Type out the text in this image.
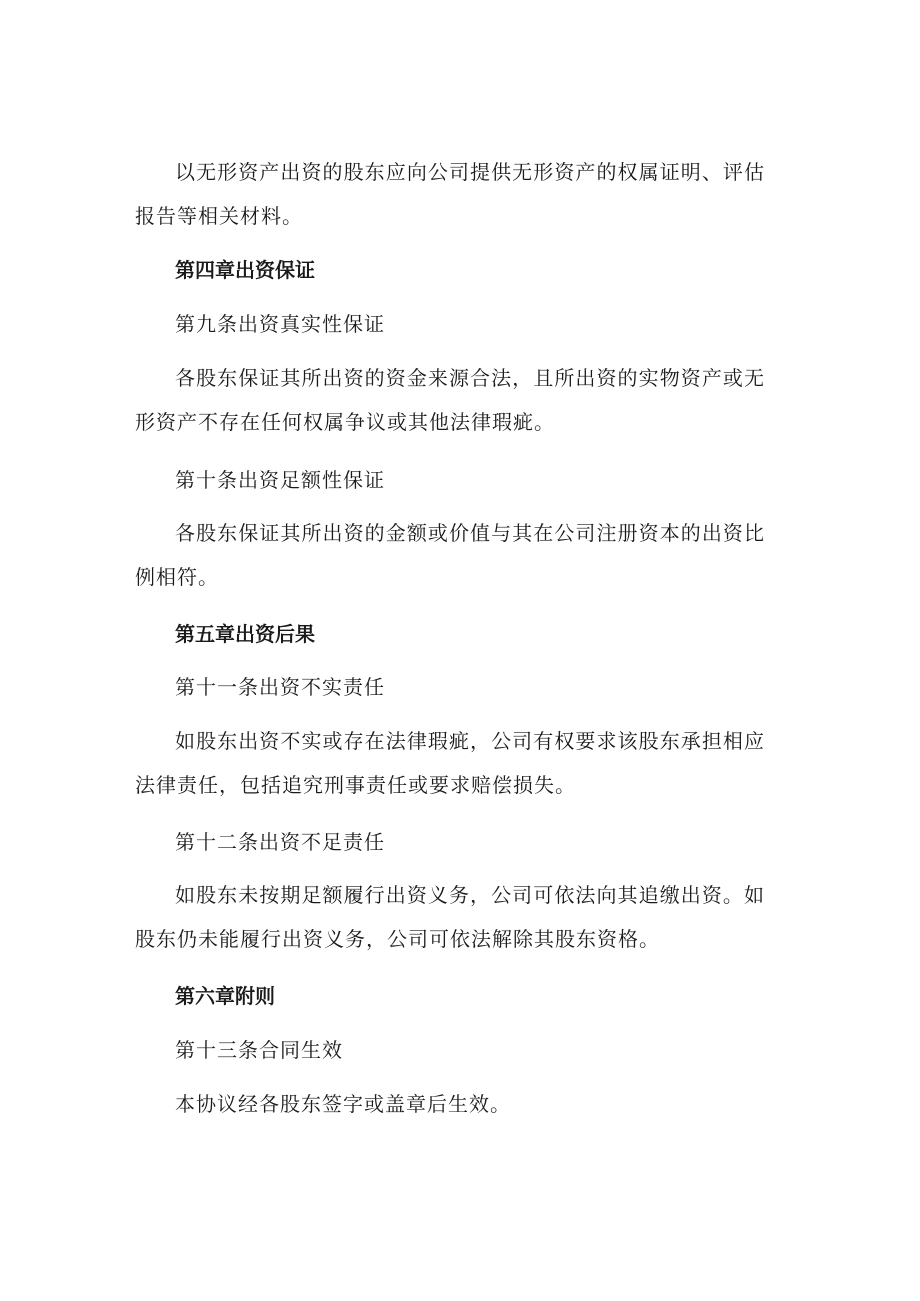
以无形资产出资的股东应向公司提供无形资产的权属证明、评估报告等相关材料。

第四章出资保证

第九条出资真实性保证

各股东保证其所出资的资金来源合法，且所出资的实物资产或无形资产不存在任何权属争议或其他法律瑕疵。

第十条出资足额性保证

各股东保证其所出资的金额或价值与其在公司注册资本的出资比例相符。

第五章出资后果

第十一条出资不实责任

如股东出资不实或存在法律瑕疵，公司有权要求该股东承担相应法律责任，包括追究刑事责任或要求赔偿损失。

第十二条出资不足责任

如股东未按期足额履行出资义务，公司可依法向其追缴出资。如股东仍未能履行出资义务，公司可依法解除其股东资格。

第六章附则

第十三条合同生效

本协议经各股东签字或盖章后生效。
